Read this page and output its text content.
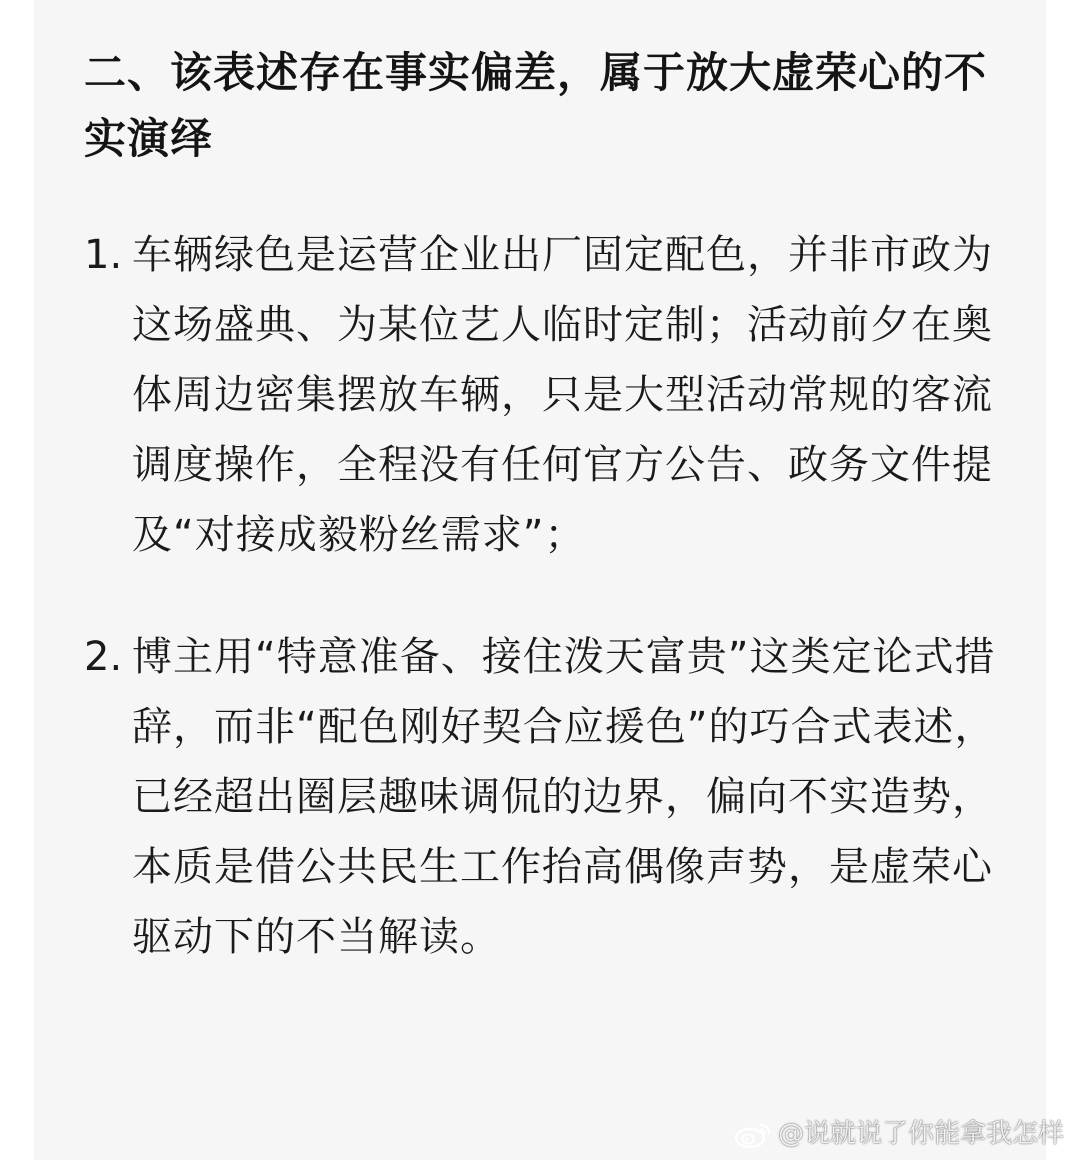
二、该表述存在事实偏差，属于放大虚荣心的不实演绎
1. 车辆绿色是运营企业出厂固定配色，并非市政为这场盛典、为某位艺人临时定制；活动前夕在奥体周边密集摆放车辆，只是大型活动常规的客流调度操作，全程没有任何官方公告、政务文件提及“对接成毅粉丝需求”；
2. 博主用“特意准备、接住泼天富贵”这类定论式措辞，而非“配色刚好契合应援色”的巧合式表述，已经超出圈层趣味调侃的边界，偏向不实造势，本质是借公共民生工作抬高偶像声势，是虚荣心驱动下的不当解读。
@说就说了你能拿我怎样
